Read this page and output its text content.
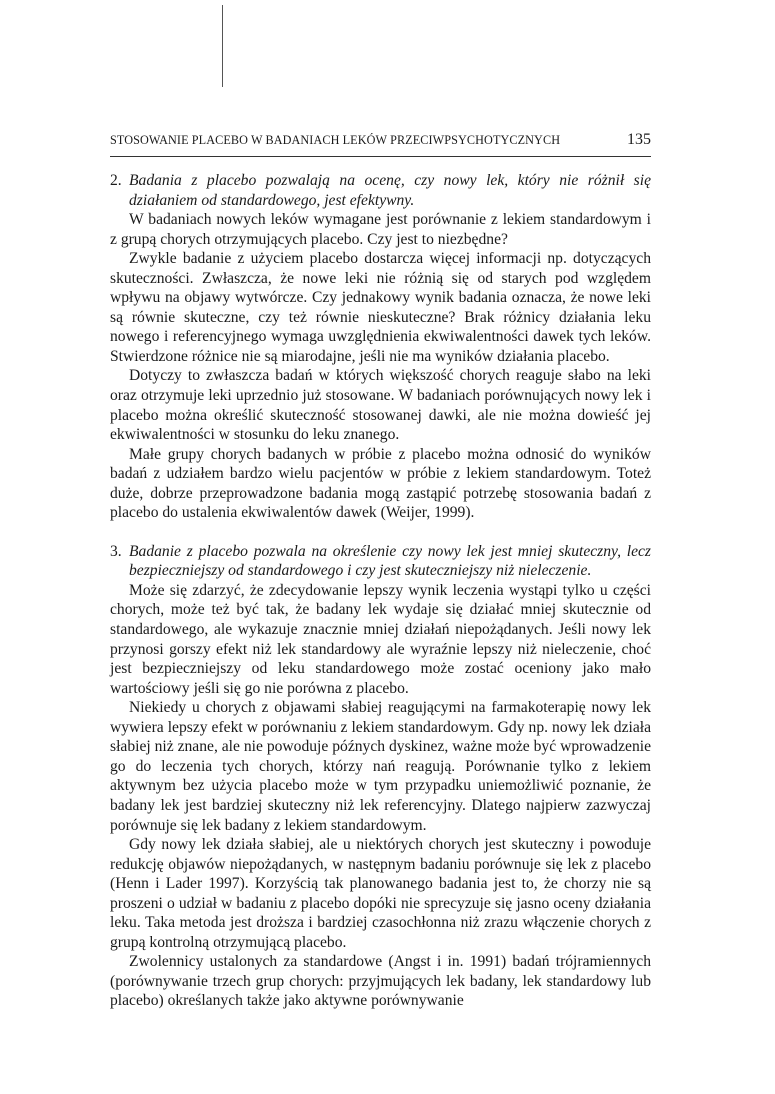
STOSOWANIE PLACEBO W BADANIACH LEKÓW PRZECIWPSYCHOTYCZNYCH	135

2. Badania z placebo pozwalają na ocenę, czy nowy lek, który nie różnił się działaniem od standardowego, jest efektywny.

W badaniach nowych leków wymagane jest porównanie z lekiem standardowym i z grupą chorych otrzymujących placebo. Czy jest to niezbędne?

Zwykle badanie z użyciem placebo dostarcza więcej informacji np. dotyczących skuteczności. Zwłaszcza, że nowe leki nie różnią się od starych pod względem wpływu na objawy wytwórcze. Czy jednakowy wynik badania oznacza, że nowe leki są równie skuteczne, czy też równie nieskuteczne? Brak różnicy działania leku nowego i referencyjnego wymaga uwzględnienia ekwiwalentności dawek tych leków. Stwierdzone różnice nie są miarodajne, jeśli nie ma wyników działania placebo.

Dotyczy to zwłaszcza badań w których większość chorych reaguje słabo na leki oraz otrzymuje leki uprzednio już stosowane. W badaniach porównujących nowy lek i placebo można określić skuteczność stosowanej dawki, ale nie można dowieść jej ekwiwalentności w stosunku do leku znanego.

Małe grupy chorych badanych w próbie z placebo można odnosić do wyników badań z udziałem bardzo wielu pacjentów w próbie z lekiem standardowym. Toteż duże, dobrze przeprowadzone badania mogą zastąpić potrzebę stosowania badań z placebo do ustalenia ekwiwalentów dawek (Weijer, 1999).

3. Badanie z placebo pozwala na określenie czy nowy lek jest mniej skuteczny, lecz bezpieczniejszy od standardowego i czy jest skuteczniejszy niż nieleczenie.

Może się zdarzyć, że zdecydowanie lepszy wynik leczenia wystąpi tylko u części chorych, może też być tak, że badany lek wydaje się działać mniej skutecznie od standardowego, ale wykazuje znacznie mniej działań niepożądanych. Jeśli nowy lek przynosi gorszy efekt niż lek standardowy ale wyraźnie lepszy niż nieleczenie, choć jest bezpieczniejszy od leku standardowego może zostać oceniony jako mało wartościowy jeśli się go nie porówna z placebo.

Niekiedy u chorych z objawami słabiej reagującymi na farmakoterapię nowy lek wywiera lepszy efekt w porównaniu z lekiem standardowym. Gdy np. nowy lek działa słabiej niż znane, ale nie powoduje późnych dyskinez, ważne może być wprowadzenie go do leczenia tych chorych, którzy nań reagują. Porównanie tylko z lekiem aktywnym bez użycia placebo może w tym przypadku uniemożliwić poznanie, że badany lek jest bardziej skuteczny niż lek referencyjny. Dlatego najpierw zazwyczaj porównuje się lek badany z lekiem standardowym.

Gdy nowy lek działa słabiej, ale u niektórych chorych jest skuteczny i powoduje redukcję objawów niepożądanych, w następnym badaniu porównuje się lek z placebo (Henn i Lader 1997). Korzyścią tak planowanego badania jest to, że chorzy nie są proszeni o udział w badaniu z placebo dopóki nie sprecyzuje się jasno oceny działania leku. Taka metoda jest droższa i bardziej czasochłonna niż zrazu włączenie chorych z grupą kontrolną otrzymującą placebo.

Zwolennicy ustalonych za standardowe (Angst i in. 1991) badań trójramiennych (porównywanie trzech grup chorych: przyjmujących lek badany, lek standardowy lub placebo) określanych także jako aktywne porównywanie
